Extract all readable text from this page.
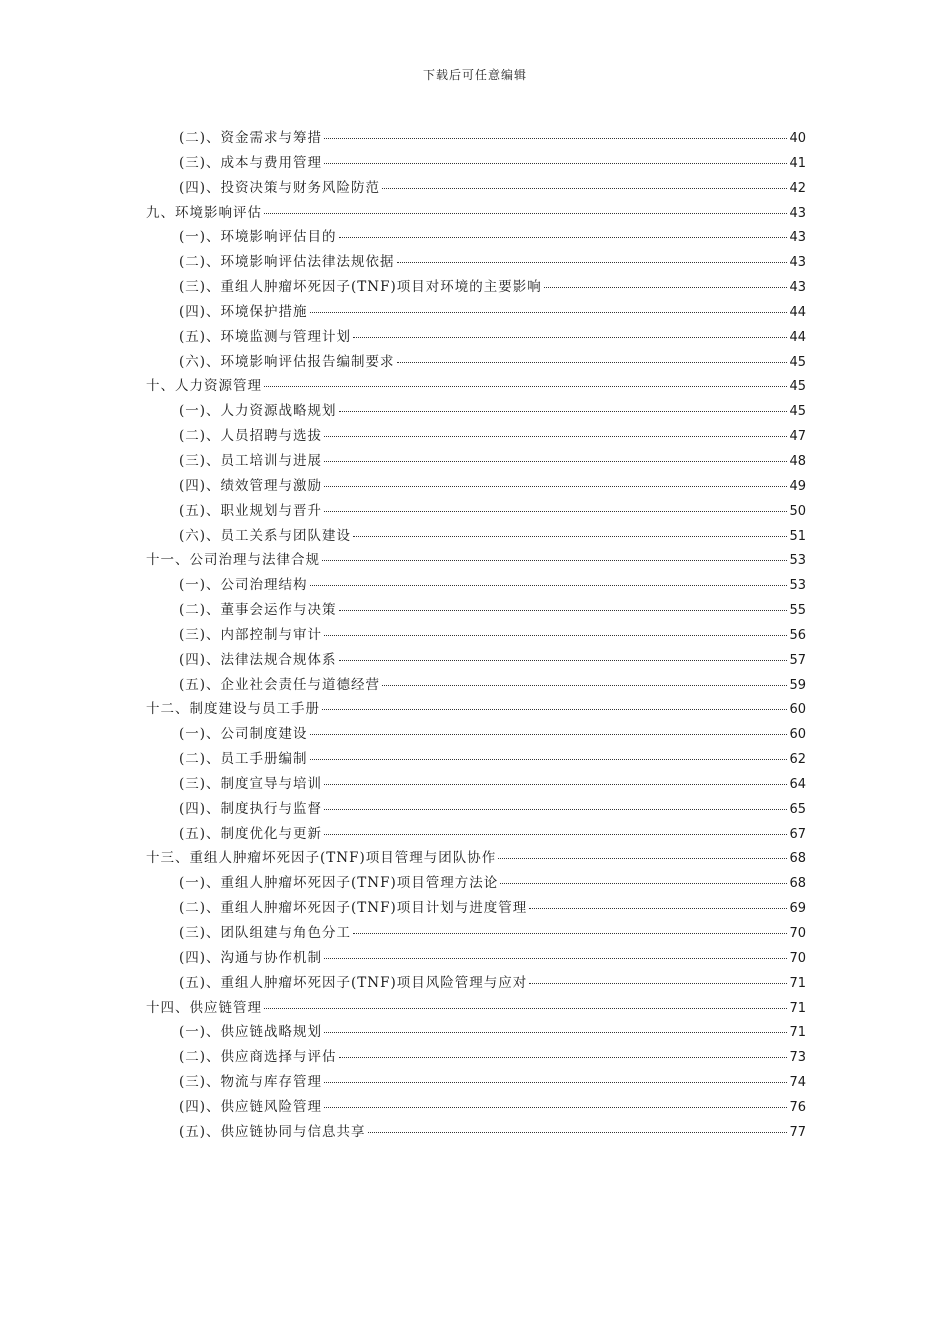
下载后可任意编辑
(二)、资金需求与筹措	40
(三)、成本与费用管理	41
(四)、投资决策与财务风险防范	42
九、环境影响评估	43
(一)、环境影响评估目的	43
(二)、环境影响评估法律法规依据	43
(三)、重组人肿瘤坏死因子(TNF)项目对环境的主要影响	43
(四)、环境保护措施	44
(五)、环境监测与管理计划	44
(六)、环境影响评估报告编制要求	45
十、人力资源管理	45
(一)、人力资源战略规划	45
(二)、人员招聘与选拔	47
(三)、员工培训与进展	48
(四)、绩效管理与激励	49
(五)、职业规划与晋升	50
(六)、员工关系与团队建设	51
十一、公司治理与法律合规	53
(一)、公司治理结构	53
(二)、董事会运作与决策	55
(三)、内部控制与审计	56
(四)、法律法规合规体系	57
(五)、企业社会责任与道德经营	59
十二、制度建设与员工手册	60
(一)、公司制度建设	60
(二)、员工手册编制	62
(三)、制度宣导与培训	64
(四)、制度执行与监督	65
(五)、制度优化与更新	67
十三、重组人肿瘤坏死因子(TNF)项目管理与团队协作	68
(一)、重组人肿瘤坏死因子(TNF)项目管理方法论	68
(二)、重组人肿瘤坏死因子(TNF)项目计划与进度管理	69
(三)、团队组建与角色分工	70
(四)、沟通与协作机制	70
(五)、重组人肿瘤坏死因子(TNF)项目风险管理与应对	71
十四、供应链管理	71
(一)、供应链战略规划	71
(二)、供应商选择与评估	73
(三)、物流与库存管理	74
(四)、供应链风险管理	76
(五)、供应链协同与信息共享	77
